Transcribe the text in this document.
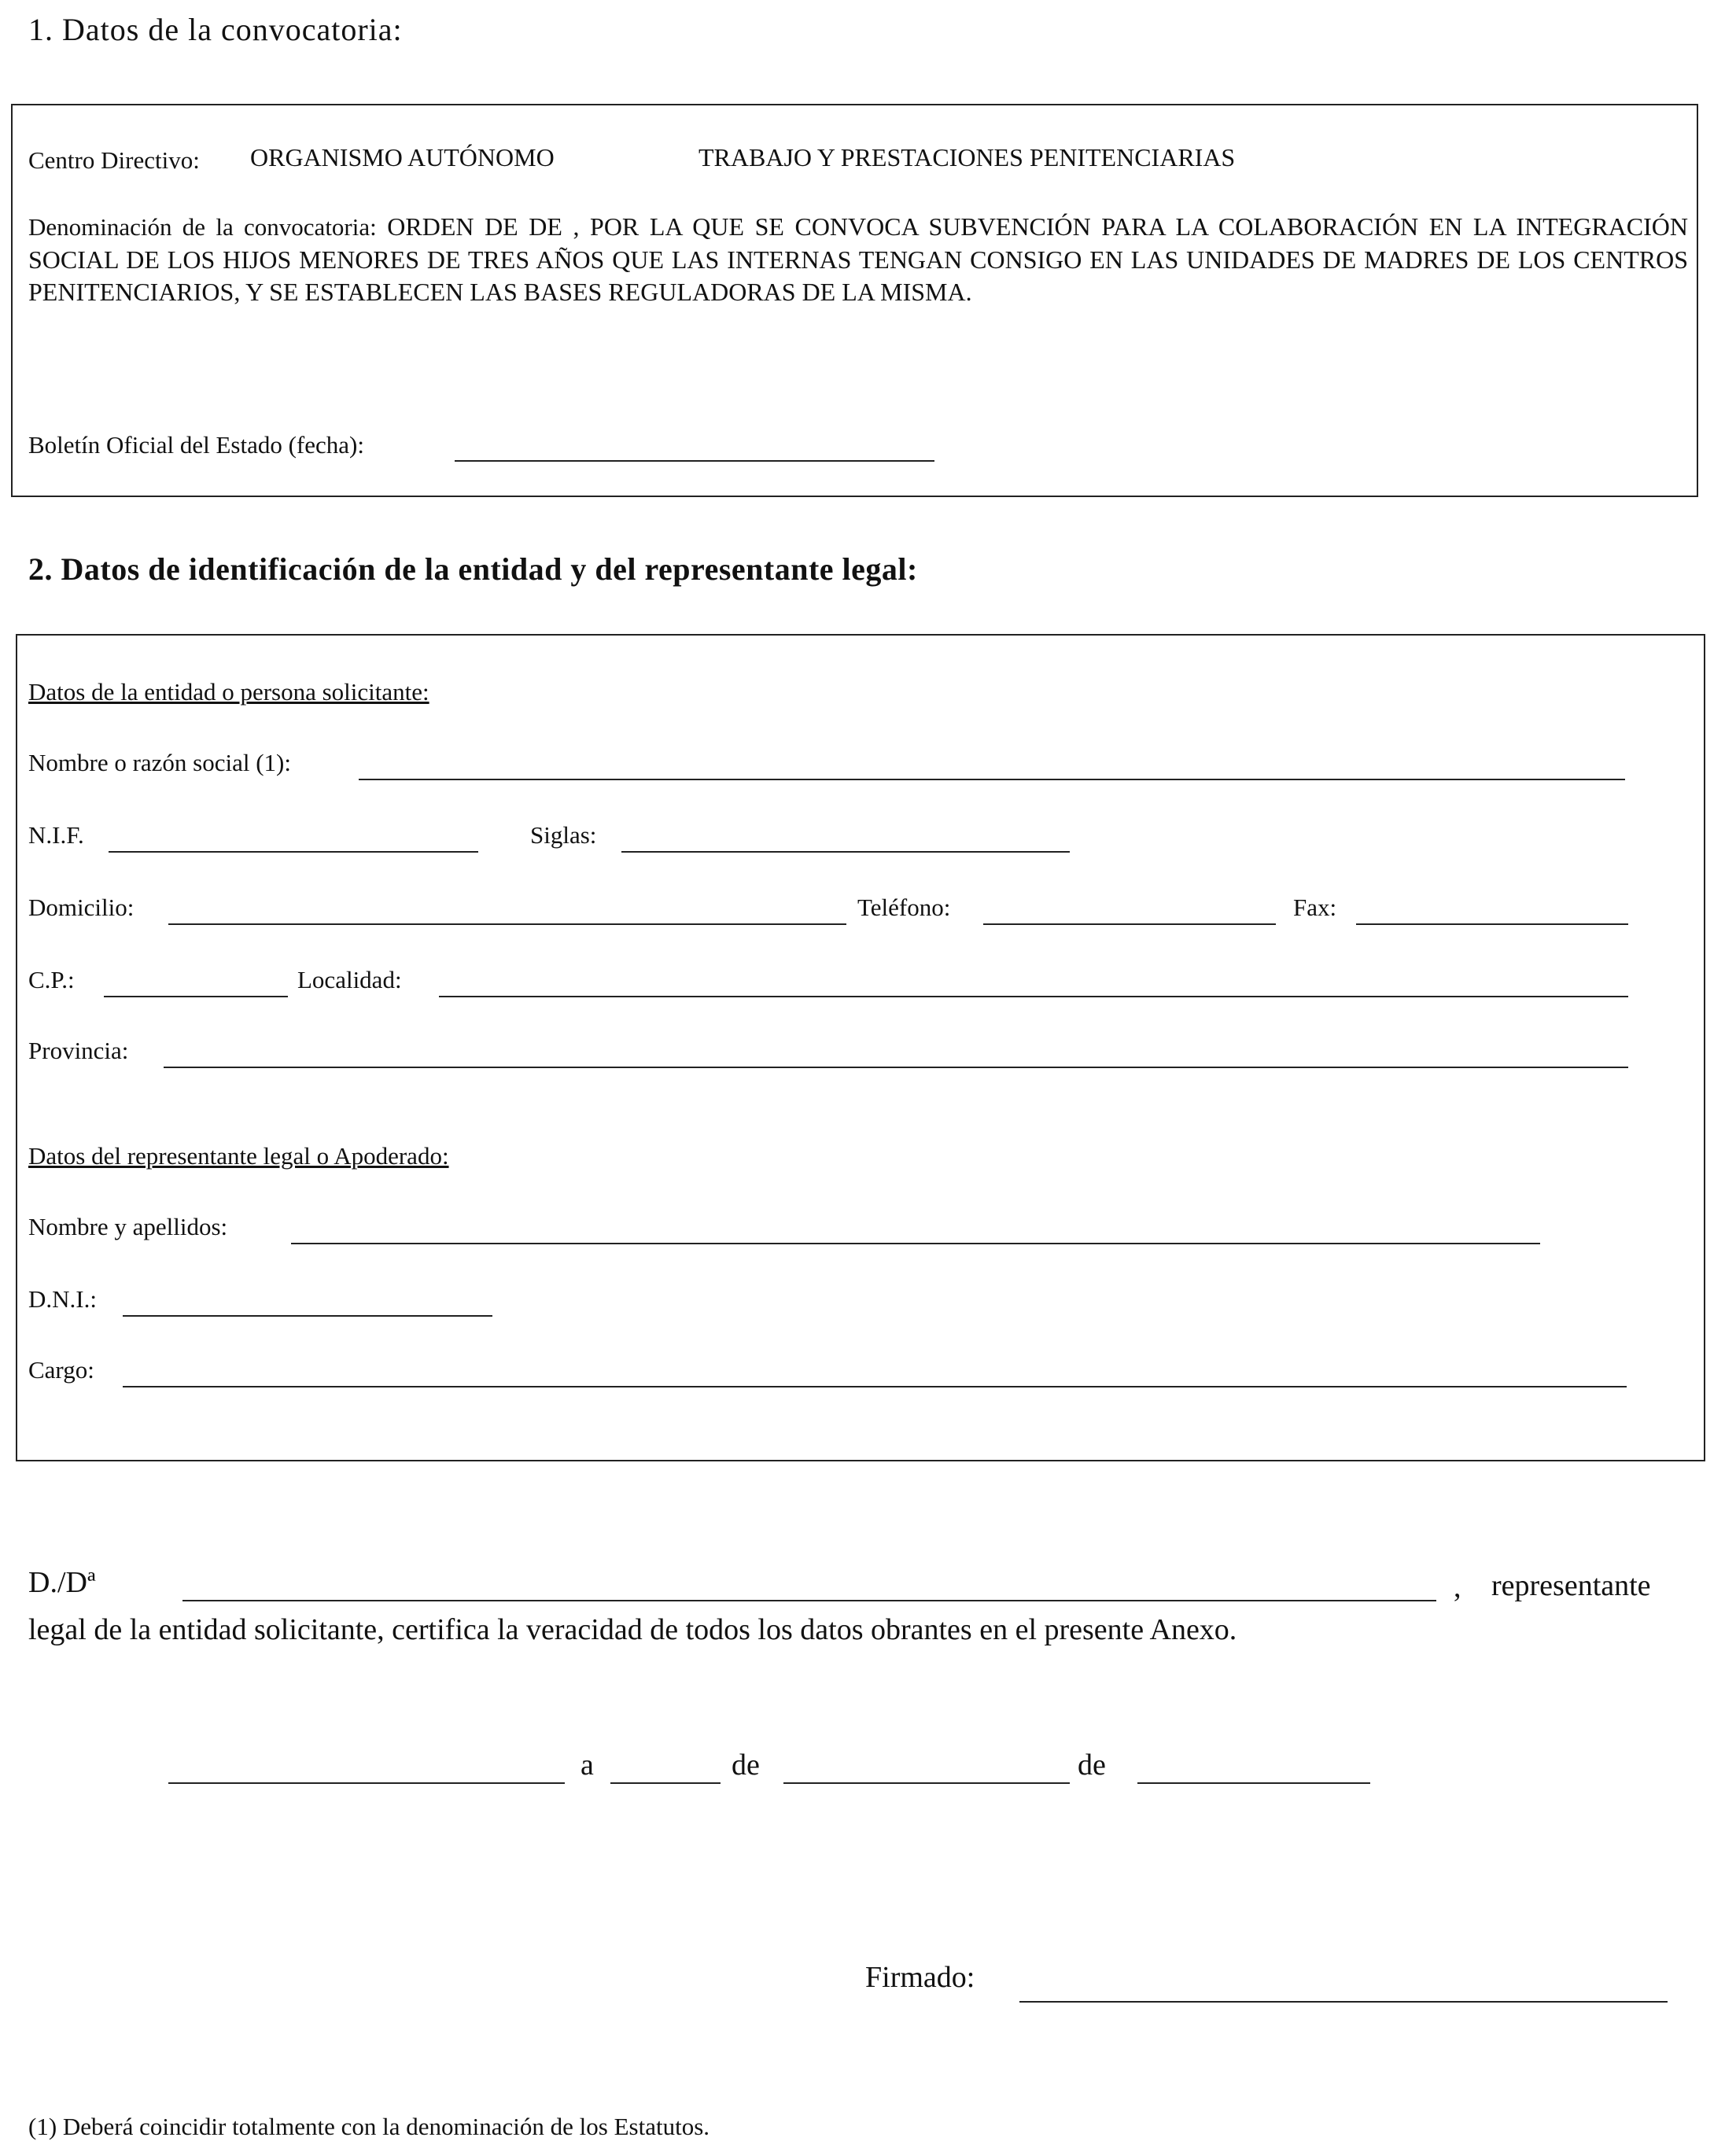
1. Datos de la convocatoria:
Centro Directivo: ORGANISMO AUTÓNOMO	TRABAJO Y PRESTACIONES PENITENCIARIAS
Denominación de la convocatoria: ORDEN DE DE , POR LA QUE SE CONVOCA SUBVENCIÓN PARA LA COLABORACIÓN EN LA INTEGRACIÓN SOCIAL DE LOS HIJOS MENORES DE TRES AÑOS QUE LAS INTERNAS TENGAN CONSIGO EN LAS UNIDADES DE MADRES DE LOS CENTROS PENITENCIARIOS, Y SE ESTABLECEN LAS BASES REGULADORAS DE LA MISMA.
Boletín Oficial del Estado (fecha):
2. Datos de identificación de la entidad y del representante legal:
Datos de la entidad o persona solicitante:
Nombre o razón social (1):
N.I.F.	Siglas:
Domicilio:	Teléfono:	Fax:
C.P.:	Localidad:
Provincia:
Datos del representante legal o Apoderado:
Nombre y apellidos:
D.N.I.:
Cargo:
D./Dª	, representante
legal de la entidad solicitante, certifica la veracidad de todos los datos obrantes en el presente Anexo.
a	de	de
Firmado:
(1) Deberá coincidir totalmente con la denominación de los Estatutos.
